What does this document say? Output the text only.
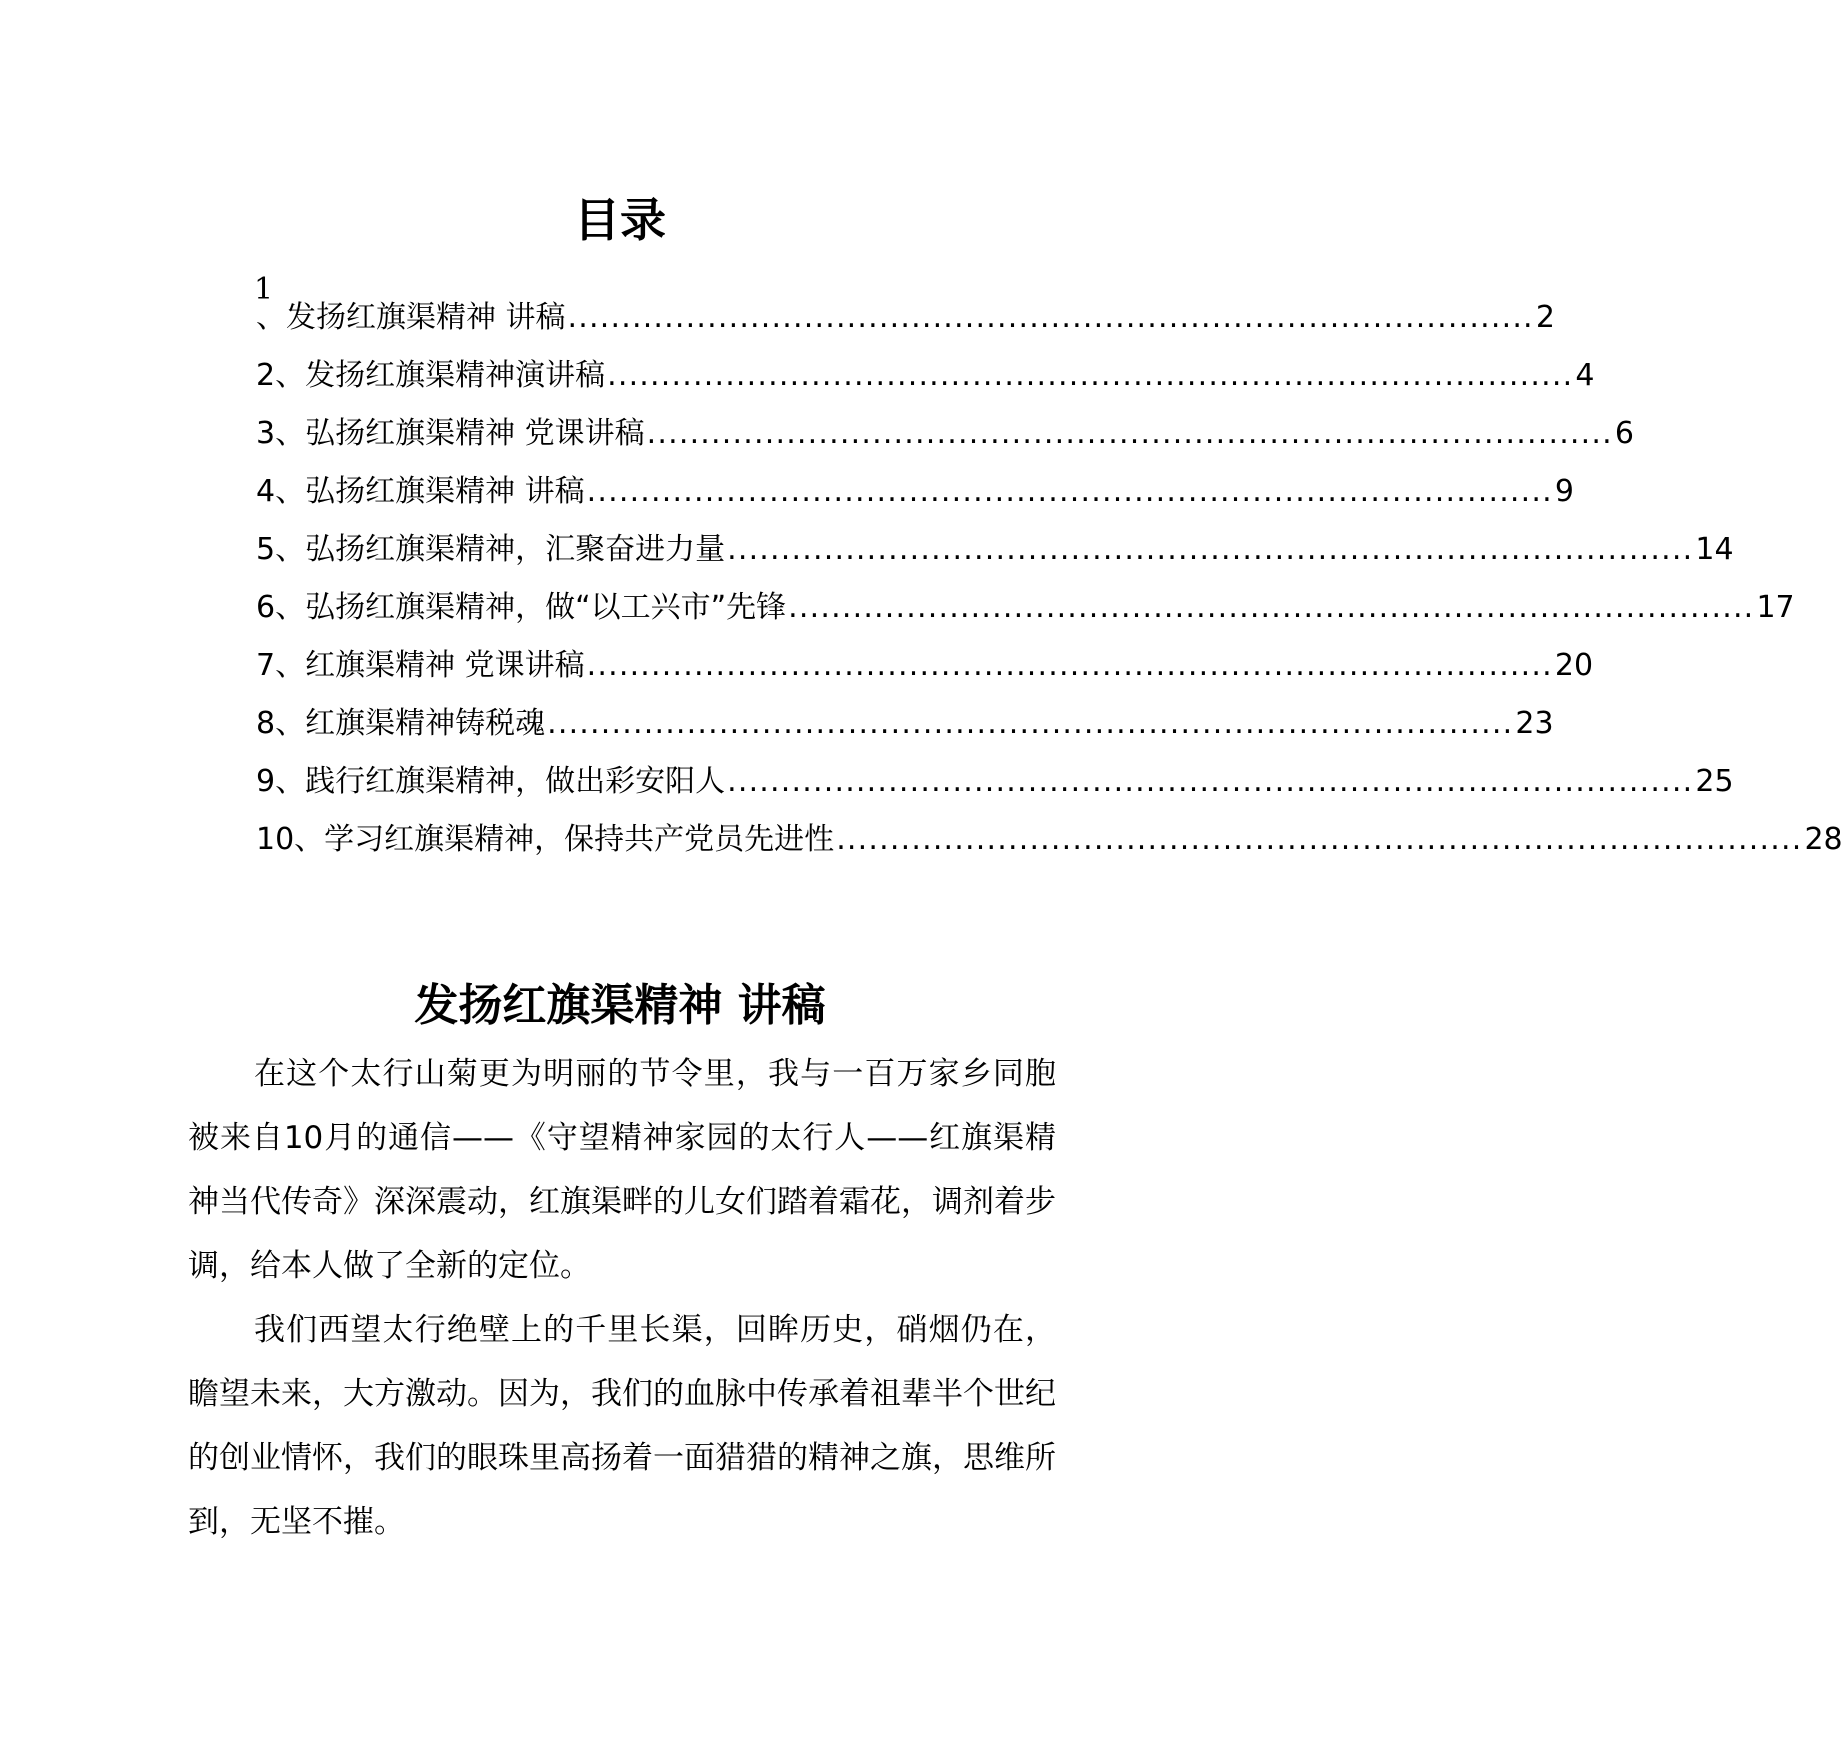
目录
1
、发扬红旗渠精神 讲稿 .......................................................................................... 2
2、发扬红旗渠精神演讲稿 .......................................................................................... 4
3、弘扬红旗渠精神 党课讲稿 .......................................................................................... 6
4、弘扬红旗渠精神 讲稿 .......................................................................................... 9
5、弘扬红旗渠精神，汇聚奋进力量 .......................................................................................... 14
6、弘扬红旗渠精神，做“以工兴市”先锋 .......................................................................................... 17
7、红旗渠精神 党课讲稿 .......................................................................................... 20
8、红旗渠精神铸税魂 .......................................................................................... 23
9、践行红旗渠精神，做出彩安阳人 .......................................................................................... 25
10、学习红旗渠精神，保持共产党员先进性 .......................................................................................... 28
发扬红旗渠精神 讲稿

在这个太行山菊更为明丽的节令里，我与一百万家乡同胞被来自10月的通信——《守望精神家园的太行人——红旗渠精神当代传奇》深深震动，红旗渠畔的儿女们踏着霜花，调剂着步调，给本人做了全新的定位。

我们西望太行绝壁上的千里长渠，回眸历史，硝烟仍在，瞻望未来，大方激动。因为，我们的血脉中传承着祖辈半个世纪的创业情怀，我们的眼珠里高扬着一面猎猎的精神之旗，思维所到，无坚不摧。
